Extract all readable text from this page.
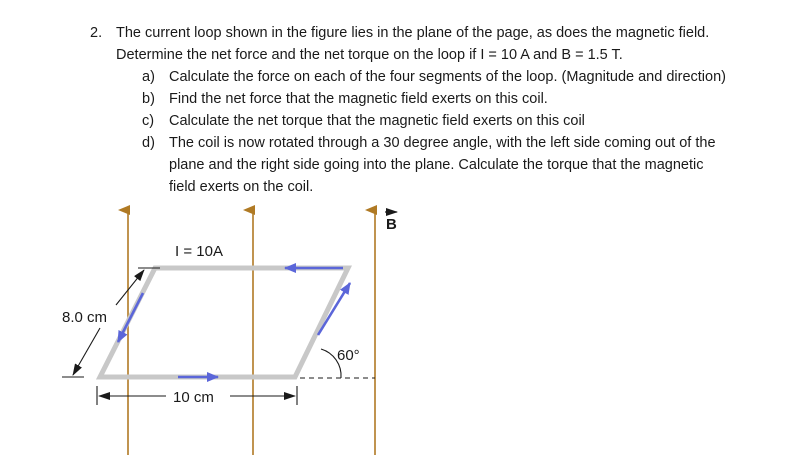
2. The current loop shown in the figure lies in the plane of the page, as does the magnetic field.
Determine the net force and the net torque on the loop if I = 10 A and B = 1.5 T.
a) Calculate the force on each of the four segments of the loop. (Magnitude and direction)
b) Find the net force that the magnetic field exerts on this coil.
c) Calculate the net torque that the magnetic field exerts on this coil
d) The coil is now rotated through a 30 degree angle, with the left side coming out of the
plane and the right side going into the plane. Calculate the torque that the magnetic
field exerts on the coil.
B
I = 10A
8.0 cm
10 cm
60°
